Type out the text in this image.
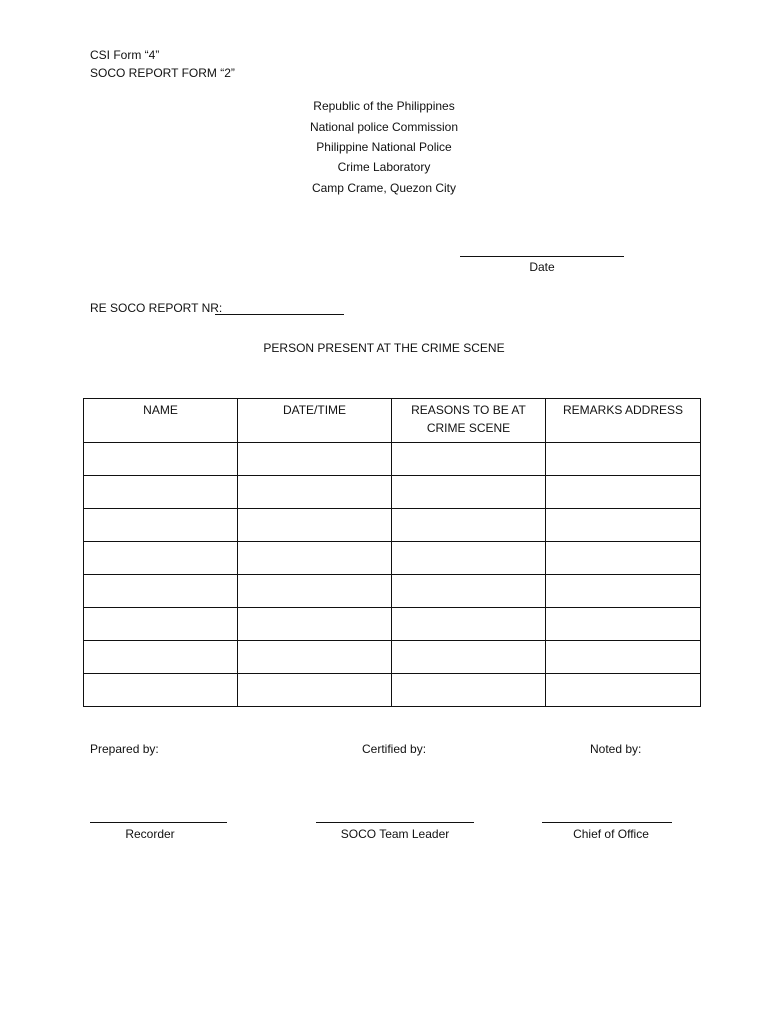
CSI Form “4”
SOCO REPORT FORM “2”
Republic of the Philippines
National police Commission
Philippine National Police
Crime Laboratory
Camp Crame, Quezon City
Date
RE SOCO REPORT NR:
PERSON PRESENT AT THE CRIME SCENE
NAME	DATE/TIME	REASONS TO BE AT CRIME SCENE	REMARKS ADDRESS

Prepared by:	Certified by:	Noted by:
Recorder	SOCO Team Leader	Chief of Office
